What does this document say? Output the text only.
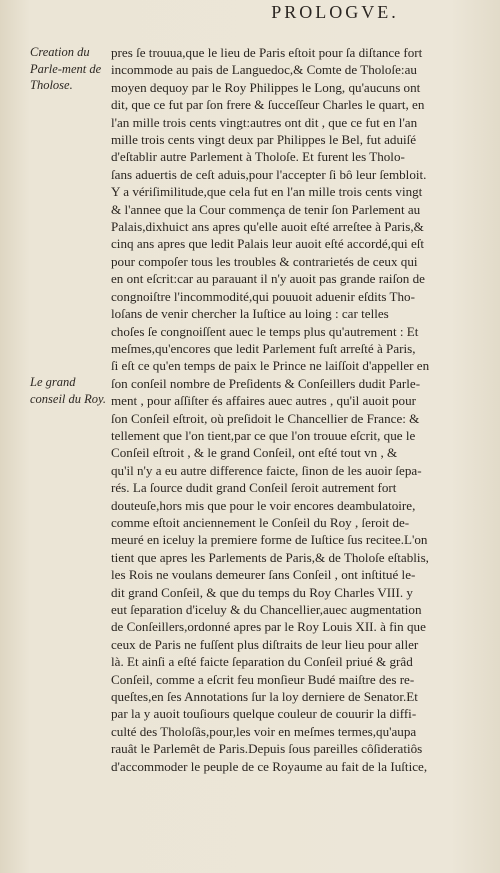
PROLOGVE.
Creation du Parle-ment de Tholose.
Le grand conseil du Roy.
pres ſe trouua,que le lieu de Paris eſtoit pour ſa diſtance fort
incommode au pais de Languedoc,& Comte de Tholoſe:au
moyen dequoy par le Roy Philippes le Long, qu'aucuns ont
dit, que ce fut par ſon frere & ſucceſſeur Charles le quart, en
l'an mille trois cents vingt:autres ont dit , que ce fut en l'an
mille trois cents vingt deux par Philippes le Bel, fut aduiſé
d'eſtablir autre Parlement à Tholoſe. Et furent les Tholo-
ſans aduertis de ceſt aduis,pour l'accepter ſi bô leur ſembloit.
Y a vériſimilitude,que cela fut en l'an mille trois cents vingt
& l'annee que la Cour commença de tenir ſon Parlement au
Palais,dixhuict ans apres qu'elle auoit eſté arreſtee à Paris,&
cinq ans apres que ledit Palais leur auoit eſté accordé,qui eſt
pour compoſer tous les troubles & contrarietés de ceux qui
en ont eſcrit:car au parauant il n'y auoit pas grande raiſon de
congnoiſtre l'incommodité,qui pouuoit aduenir eſdits Tho-
loſans de venir chercher la Iuſtice au loing : car telles
choſes ſe congnoiſſent auec le temps plus qu'autrement : Et
meſmes,qu'encores que ledit Parlement fuſt arreſté à Paris,
ſi eſt ce qu'en temps de paix le Prince ne laiſſoit d'appeller en
ſon conſeil nombre de Preſidents & Conſeillers dudit Parle-
ment , pour aſſiſter és affaires auec autres , qu'il auoit pour
ſon Conſeil eſtroit, où preſidoit le Chancellier de France: &
tellement que l'on tient,par ce que l'on trouue eſcrit, que le
Conſeil eſtroit , & le grand Conſeil, ont eſté tout vn , &
qu'il n'y a eu autre difference faicte, ſinon de les auoir ſepa-
rés. La ſource dudit grand Conſeil ſeroit autrement fort
douteuſe,hors mis que pour le voir encores deambulatoire,
comme eſtoit anciennement le Conſeil du Roy , ſeroit de-
meuré en iceluy la premiere forme de Iuſtice ſus recitee.L'on
tient que apres les Parlements de Paris,& de Tholoſe eſtablis,
les Rois ne voulans demeurer ſans Conſeil , ont inſtitué le-
dit grand Conſeil, & que du temps du Roy Charles VIII. y
eut ſeparation d'iceluy & du Chancellier,auec augmentation
de Conſeillers,ordonné apres par le Roy Louis XII. à fin que
ceux de Paris ne fuſſent plus diſtraits de leur lieu pour aller
là. Et ainſi a eſté faicte ſeparation du Conſeil priué & grâd
Conſeil, comme a eſcrit feu monſieur Budé maiſtre des re-
queſtes,en ſes Annotations ſur la loy derniere de Senator.Et
par la y auoit touſiours quelque couleur de couurir la diffi-
culté des Tholoſâs,pour,les voir en meſmes termes,qu'aupa
rauât le Parlemêt de Paris.Depuis ſous pareilles côſideratiôs
d'accommoder le peuple de ce Royaume au fait de la Iuſtice,
